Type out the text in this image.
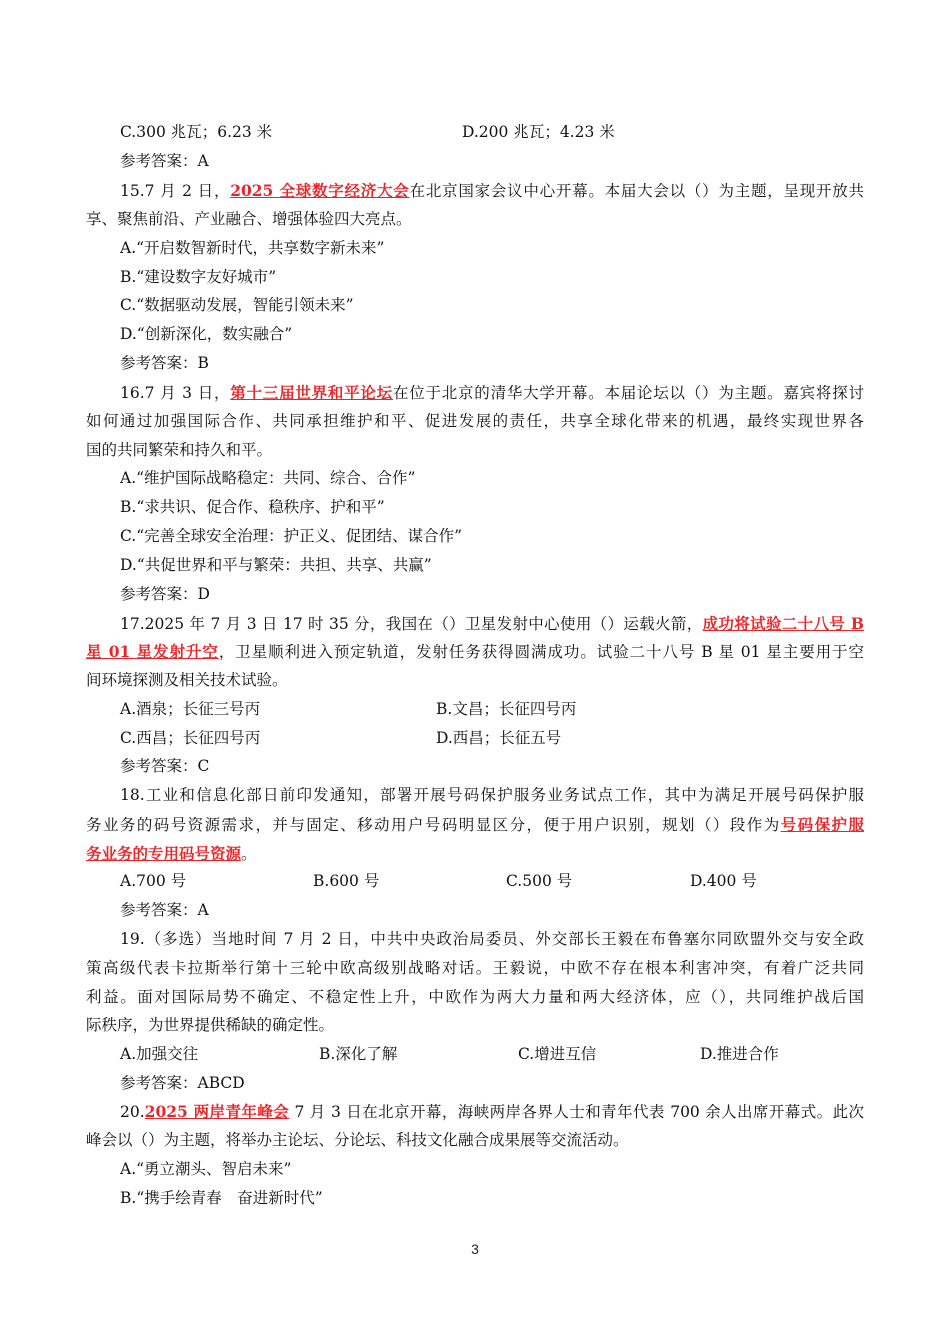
C.300 兆瓦；6.23 米	D.200 兆瓦；4.23 米
参考答案：A
15.7 月 2 日，2025 全球数字经济大会在北京国家会议中心开幕。本届大会以（）为主题，呈现开放共
享、聚焦前沿、产业融合、增强体验四大亮点。
A.“开启数智新时代，共享数字新未来”
B.“建设数字友好城市”
C.“数据驱动发展，智能引领未来”
D.“创新深化，数实融合”
参考答案：B
16.7 月 3 日，第十三届世界和平论坛在位于北京的清华大学开幕。本届论坛以（）为主题。嘉宾将探讨
如何通过加强国际合作、共同承担维护和平、促进发展的责任，共享全球化带来的机遇，最终实现世界各
国的共同繁荣和持久和平。
A.“维护国际战略稳定：共同、综合、合作”
B.“求共识、促合作、稳秩序、护和平”
C.“完善全球安全治理：护正义、促团结、谋合作”
D.“共促世界和平与繁荣：共担、共享、共赢”
参考答案：D
17.2025 年 7 月 3 日 17 时 35 分，我国在（）卫星发射中心使用（）运载火箭，成功将试验二十八号 B
星 01 星发射升空，卫星顺利进入预定轨道，发射任务获得圆满成功。试验二十八号 B 星 01 星主要用于空
间环境探测及相关技术试验。
A.酒泉；长征三号丙	B.文昌；长征四号丙
C.西昌；长征四号丙	D.西昌；长征五号
参考答案：C
18.工业和信息化部日前印发通知，部署开展号码保护服务业务试点工作，其中为满足开展号码保护服
务业务的码号资源需求，并与固定、移动用户号码明显区分，便于用户识别，规划（）段作为号码保护服
务业务的专用码号资源。
A.700 号	B.600 号	C.500 号	D.400 号
参考答案：A
19.（多选）当地时间 7 月 2 日，中共中央政治局委员、外交部长王毅在布鲁塞尔同欧盟外交与安全政
策高级代表卡拉斯举行第十三轮中欧高级别战略对话。王毅说，中欧不存在根本利害冲突，有着广泛共同
利益。面对国际局势不确定、不稳定性上升，中欧作为两大力量和两大经济体，应（），共同维护战后国
际秩序，为世界提供稀缺的确定性。
A.加强交往	B.深化了解	C.增进互信	D.推进合作
参考答案：ABCD
20.2025 两岸青年峰会 7 月 3 日在北京开幕，海峡两岸各界人士和青年代表 700 余人出席开幕式。此次
峰会以（）为主题，将举办主论坛、分论坛、科技文化融合成果展等交流活动。
A.“勇立潮头、智启未来”
B.“携手绘青春　奋进新时代”
3
